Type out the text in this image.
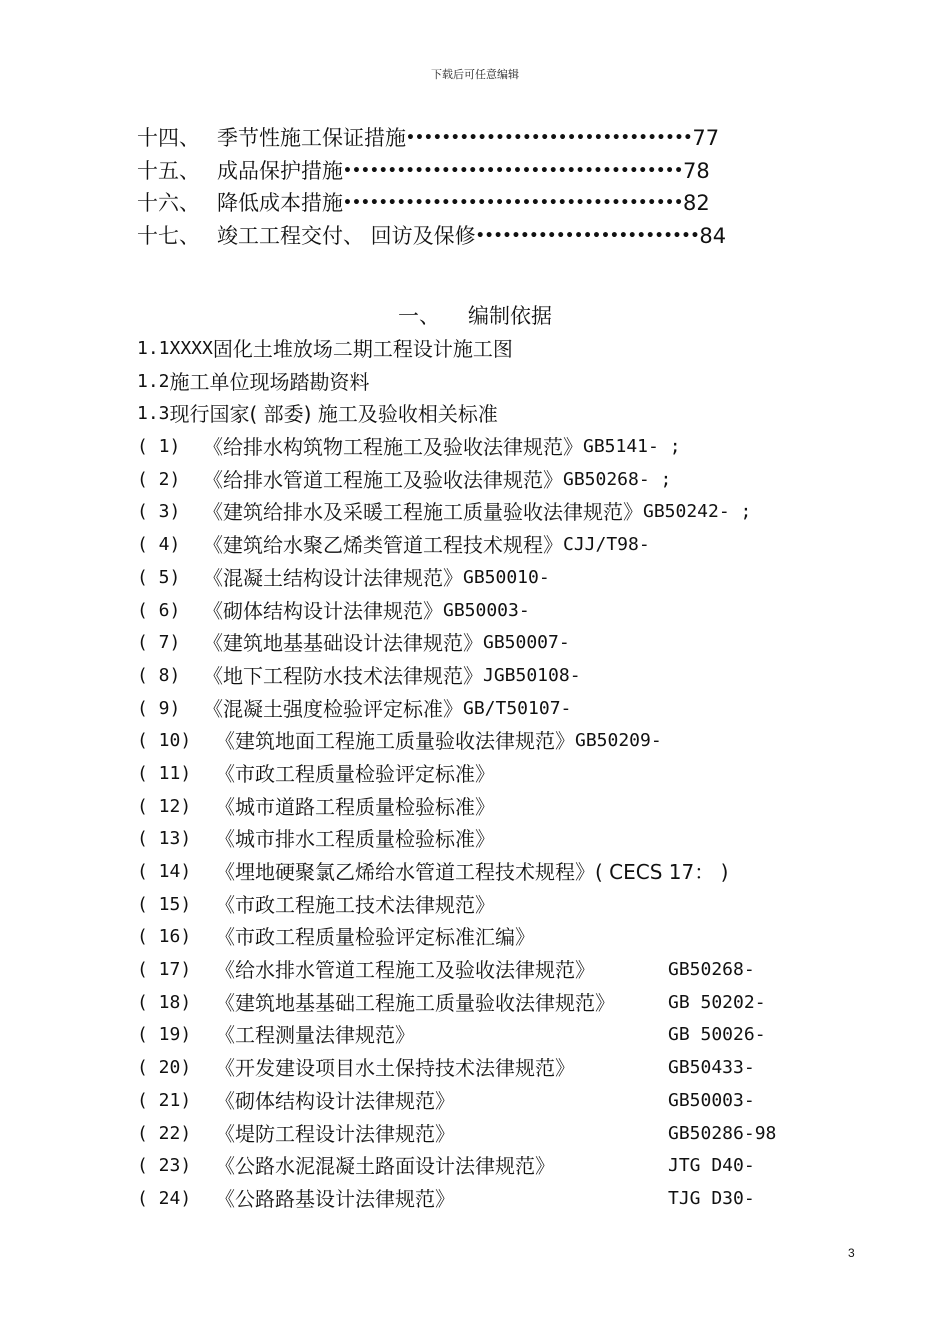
下载后可任意编辑
十四、 季节性施工保证措施 •••••••••••••••••••••••••••••••• 77
十五、 成品保护措施 •••••••••••••••••••••••••••••••••••••• 78
十六、 降低成本措施 •••••••••••••••••••••••••••••••••••••• 82
十七、 竣工工程交付、 回访及保修 ••••••••••••••••••••••••• 84
一、 编制依据
1.1XXXX 固化土堆放场二期工程设计施工图
1.2 施工单位现场踏勘资料
1.3 现行国家( 部委) 施工及验收相关标准
( 1)	《给排水构筑物工程施工及验收法律规范》 GB5141- ;
( 2)	《给排水管道工程施工及验收法律规范》 GB50268- ;
( 3)	《建筑给排水及采暖工程施工质量验收法律规范》 GB50242- ;
( 4)	《建筑给水聚乙烯类管道工程技术规程》 CJJ/T98-
( 5)	《混凝土结构设计法律规范》 GB50010-
( 6)	《砌体结构设计法律规范》 GB50003-
( 7)	《建筑地基基础设计法律规范》 GB50007-
( 8)	《地下工程防水技术法律规范》 JGB50108-
( 9)	《混凝土强度检验评定标准》 GB/T50107-
( 10)	《建筑地面工程施工质量验收法律规范》 GB50209-
( 11)	《市政工程质量检验评定标准》
( 12)	《城市道路工程质量检验标准》
( 13)	《城市排水工程质量检验标准》
( 14)	《埋地硬聚氯乙烯给水管道工程技术规程》( CECS 17： )
( 15)	《市政工程施工技术法律规范》
( 16)	《市政工程质量检验评定标准汇编》
( 17)	《给水排水管道工程施工及验收法律规范》	GB50268-
( 18)	《建筑地基基础工程施工质量验收法律规范》	GB 50202-
( 19)	《工程测量法律规范》	GB 50026-
( 20)	《开发建设项目水土保持技术法律规范》	GB50433-
( 21)	《砌体结构设计法律规范》	GB50003-
( 22)	《堤防工程设计法律规范》	GB50286-98
( 23)	《公路水泥混凝土路面设计法律规范》	JTG D40-
( 24)	《公路路基设计法律规范》	TJG D30-
3
